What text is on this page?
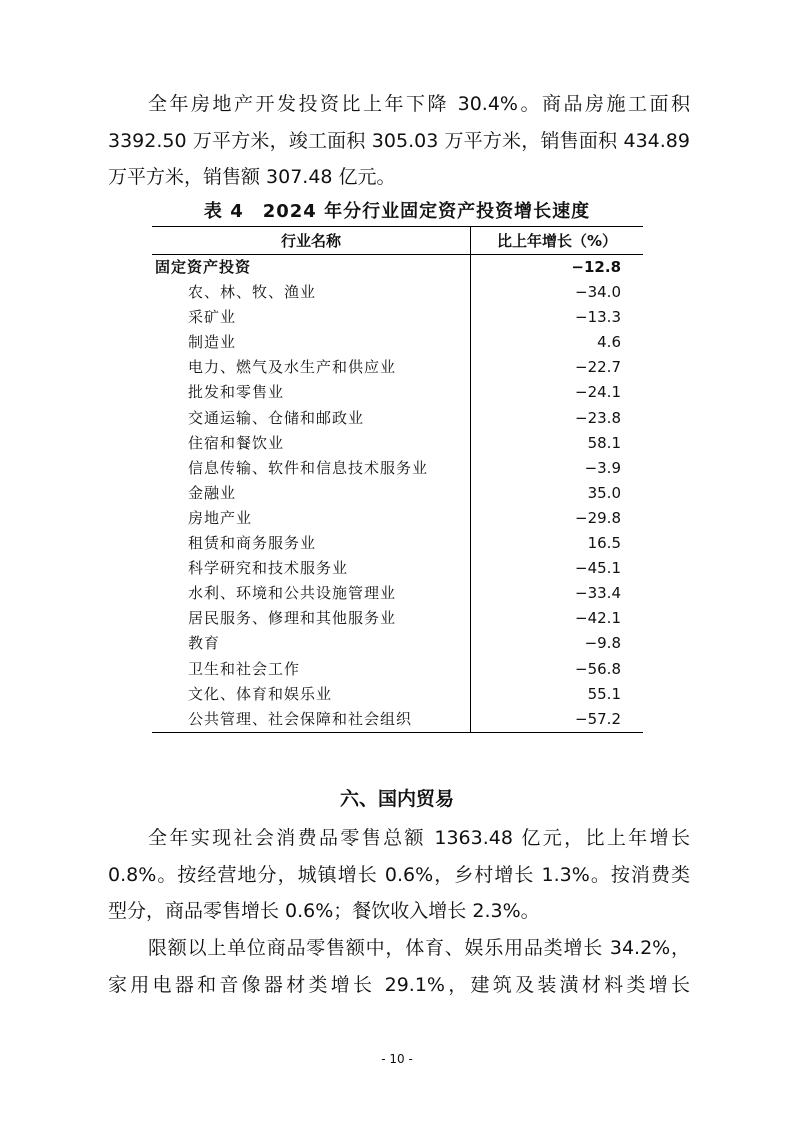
全年房地产开发投资比上年下降 30.4%。商品房施工面积
3392.50 万平方米，竣工面积 305.03 万平方米，销售面积 434.89
万平方米，销售额 307.48 亿元。
表 4　2024 年分行业固定资产投资增长速度
行业名称	比上年增长（%）
固定资产投资	−12.8
农、林、牧、渔业	−34.0
采矿业	−13.3
制造业	4.6
电力、燃气及水生产和供应业	−22.7
批发和零售业	−24.1
交通运输、仓储和邮政业	−23.8
住宿和餐饮业	58.1
信息传输、软件和信息技术服务业	−3.9
金融业	35.0
房地产业	−29.8
租赁和商务服务业	16.5
科学研究和技术服务业	−45.1
水利、环境和公共设施管理业	−33.4
居民服务、修理和其他服务业	−42.1
教育	−9.8
卫生和社会工作	−56.8
文化、体育和娱乐业	55.1
公共管理、社会保障和社会组织	−57.2
六、国内贸易
全年实现社会消费品零售总额 1363.48 亿元，比上年增长
0.8%。按经营地分，城镇增长 0.6%，乡村增长 1.3%。按消费类
型分，商品零售增长 0.6%；餐饮收入增长 2.3%。
限额以上单位商品零售额中，体育、娱乐用品类增长 34.2%，
家用电器和音像器材类增长 29.1%，建筑及装潢材料类增长
- 10 -
